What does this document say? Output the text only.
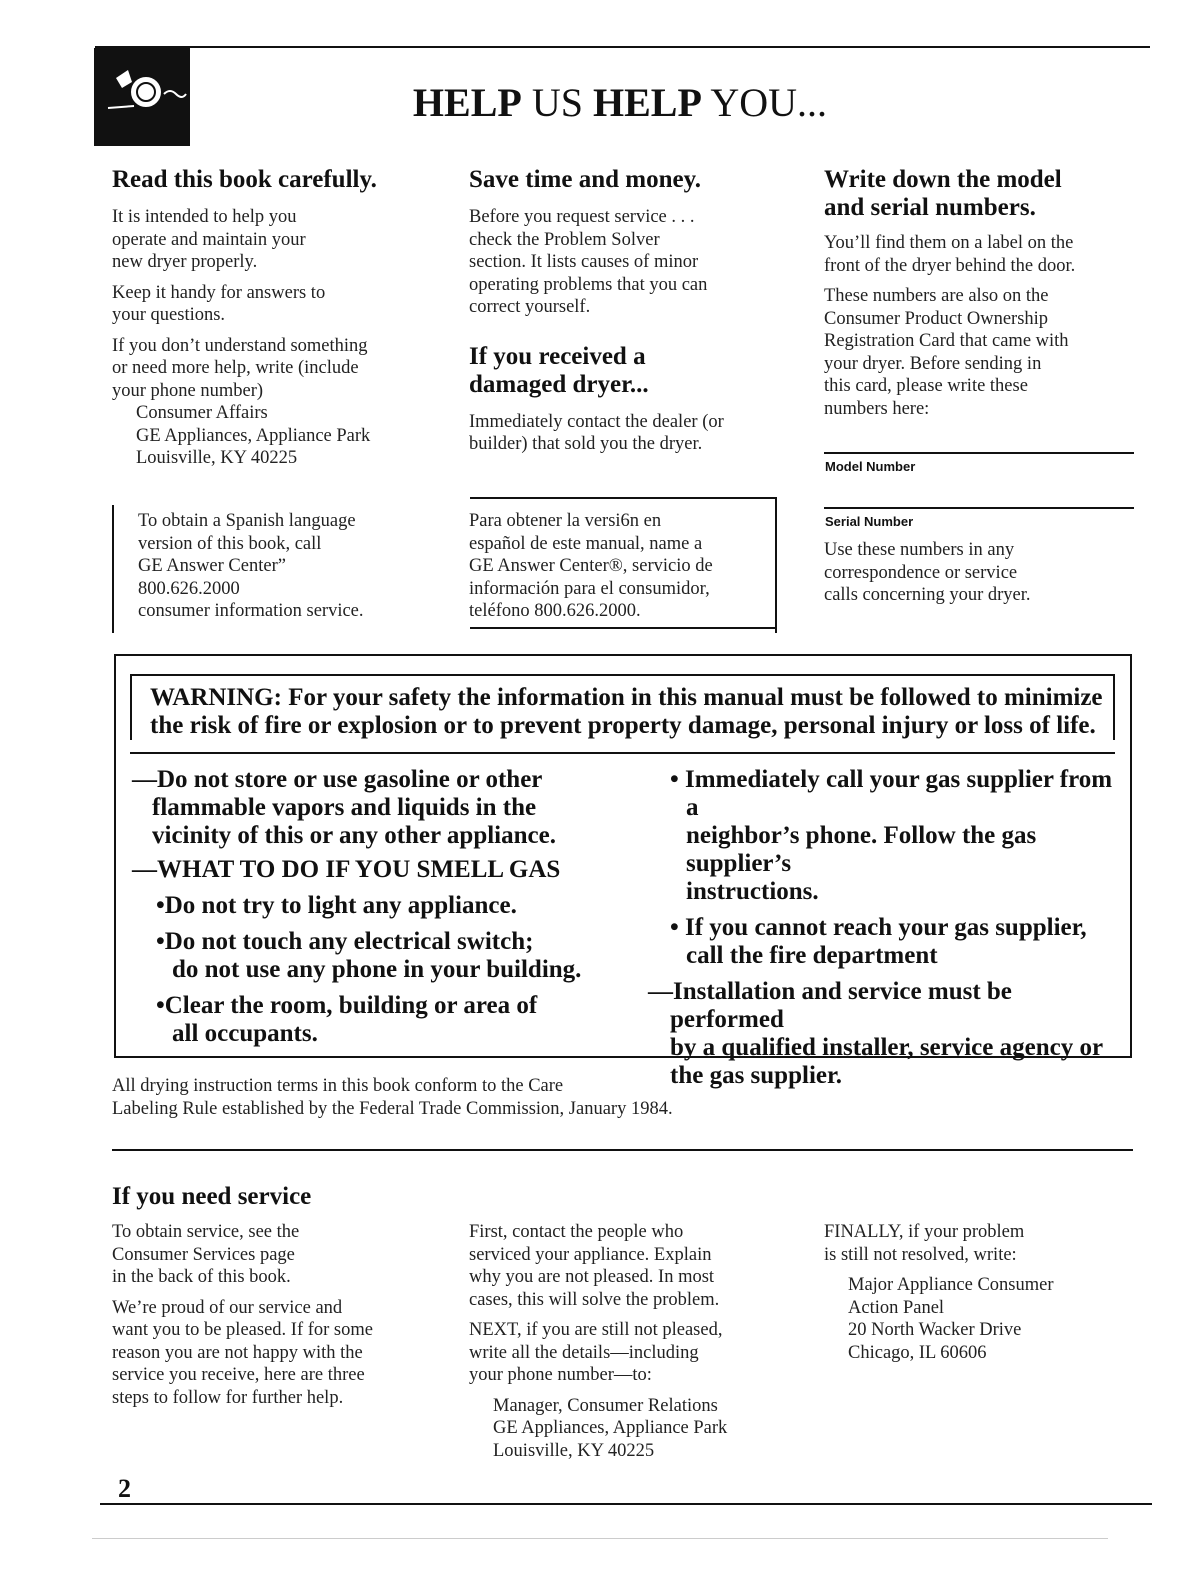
HELP US HELP YOU...

Read this book carefully.

It is intended to help you
operate and maintain your
new dryer properly.

Keep it handy for answers to
your questions.

If you don’t understand something
or need more help, write (include
your phone number)

Consumer Affairs
GE Appliances, Appliance Park
Louisville, KY 40225

Save time and money.

Before you request service . . .
check the Problem Solver
section. It lists causes of minor
operating problems that you can
correct yourself.

If you received a
damaged dryer...

Immediately contact the dealer (or
builder) that sold you the dryer.

Write down the model
and serial numbers.

You’ll find them on a label on the
front of the dryer behind the door.

These numbers are also on the
Consumer Product Ownership
Registration Card that came with
your dryer. Before sending in
this card, please write these
numbers here:

Model Number
Serial Number

Use these numbers in any
correspondence or service
calls concerning your dryer.

To obtain a Spanish language
version of this book, call
GE Answer Center”
800.626.2000
consumer information service.

Para obtener la versi6n en
español de este manual, name a
GE Answer Center®, servicio de
información para el consumidor,
teléfono 800.626.2000.

WARNING: For your safety the information in this manual must be followed to minimize
the risk of fire or explosion or to prevent property damage, personal injury or loss of life.

—Do not store or use gasoline or other
flammable vapors and liquids in the
vicinity of this or any other appliance.

—WHAT TO DO IF YOU SMELL GAS

•Do not try to light any appliance.

•Do not touch any electrical switch;
do not use any phone in your building.

•Clear the room, building or area of
all occupants.

• Immediately call your gas supplier from a
neighbor’s phone. Follow the gas supplier’s
instructions.

• If you cannot reach your gas supplier,
call the fire department

—Installation and service must be performed
by a qualified installer, service agency or
the gas supplier.

All drying instruction terms in this book conform to the Care
Labeling Rule established by the Federal Trade Commission, January 1984.

If you need service

To obtain service, see the
Consumer Services page
in the back of this book.

We’re proud of our service and
want you to be pleased. If for some
reason you are not happy with the
service you receive, here are three
steps to follow for further help.

First, contact the people who
serviced your appliance. Explain
why you are not pleased. In most
cases, this will solve the problem.

NEXT, if you are still not pleased,
write all the details—including
your phone number—to:

Manager, Consumer Relations
GE Appliances, Appliance Park
Louisville, KY 40225

FINALLY, if your problem
is still not resolved, write:

Major Appliance Consumer
Action Panel
20 North Wacker Drive
Chicago, IL 60606

2
